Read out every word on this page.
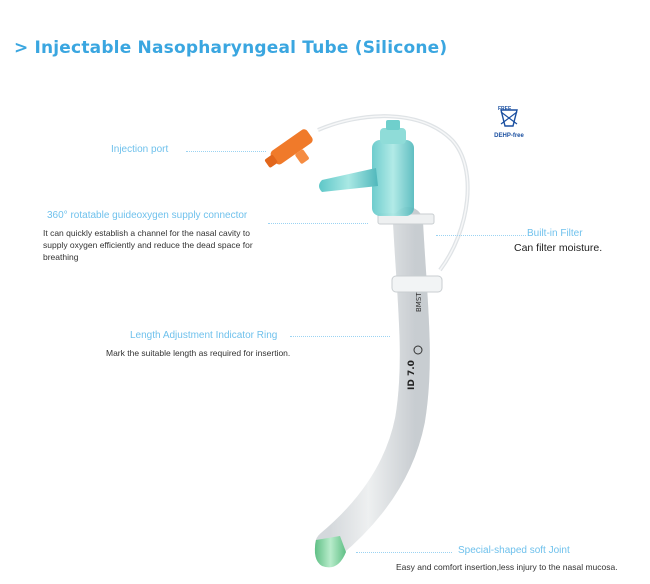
> Injectable Nasopharyngeal Tube (Silicone)
BMST
ID 7.0
FREE
DEHP-free
Injection port
360° rotatable guideoxygen supply connector
It can quickly establish a channel for the nasal cavity to
supply oxygen efficiently and reduce the dead space for
breathing
Built-in Filter
Can filter moisture.
Length Adjustment Indicator Ring
Mark the suitable length as required for insertion.
Special-shaped soft Joint
Easy and comfort insertion,less injury to the nasal mucosa.
